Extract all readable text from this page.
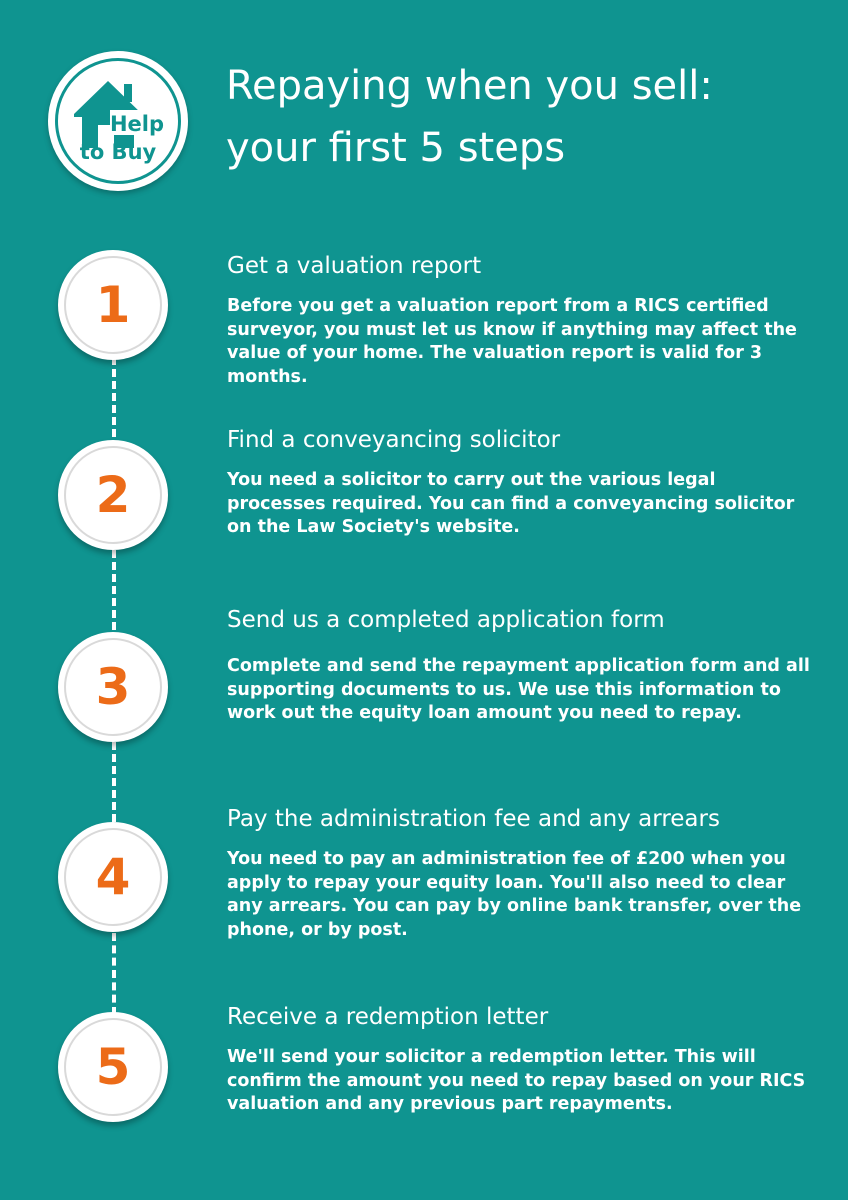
Help
to Buy
Repaying when you sell:
your first 5 steps
1
Get a valuation report

Before you get a valuation report from a RICS certified surveyor, you must let us know if anything may affect the value of your home. The valuation report is valid for 3 months.

2
Find a conveyancing solicitor

You need a solicitor to carry out the various legal processes required. You can find a conveyancing solicitor on the Law Society's website.

3
Send us a completed application form

Complete and send the repayment application form and all supporting documents to us. We use this information to work out the equity loan amount you need to repay.

4
Pay the administration fee and any arrears

You need to pay an administration fee of £200 when you apply to repay your equity loan. You'll also need to clear any arrears. You can pay by online bank transfer, over the phone, or by post.

5
Receive a redemption letter

We'll send your solicitor a redemption letter. This will confirm the amount you need to repay based on your RICS valuation and any previous part repayments.
